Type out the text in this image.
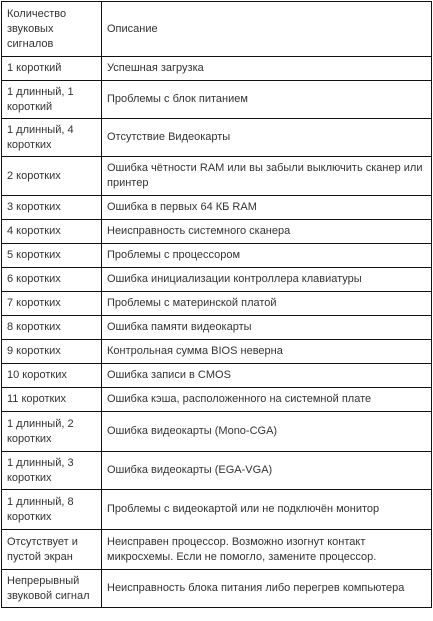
Количество звуковых сигналов	Описание
1 короткий	Успешная загрузка
1 длинный, 1 короткий	Проблемы с блок питанием
1 длинный, 4 коротких	Отсутствие Видеокарты
2 коротких	Ошибка чётности RAM или вы забыли выключить сканер или принтер
3 коротких	Ошибка в первых 64 КБ RAM
4 коротких	Неисправность системного сканера
5 коротких	Проблемы с процессором
6 коротких	Ошибка инициализации контроллера клавиатуры
7 коротких	Проблемы с материнской платой
8 коротких	Ошибка памяти видеокарты
9 коротких	Контрольная сумма BIOS неверна
10 коротких	Ошибка записи в CMOS
11 коротких	Ошибка кэша, расположенного на системной плате
1 длинный, 2 коротких	Ошибка видеокарты (Mono-CGA)
1 длинный, 3 коротких	Ошибка видеокарты (EGA-VGA)
1 длинный, 8 коротких	Проблемы с видеокартой или не подключён монитор
Отсутствует и пустой экран	Неисправен процессор. Возможно изогнут контакт микросхемы. Если не помогло, замените процессор.
Непрерывный звуковой сигнал	Неисправность блока питания либо перегрев компьютера
